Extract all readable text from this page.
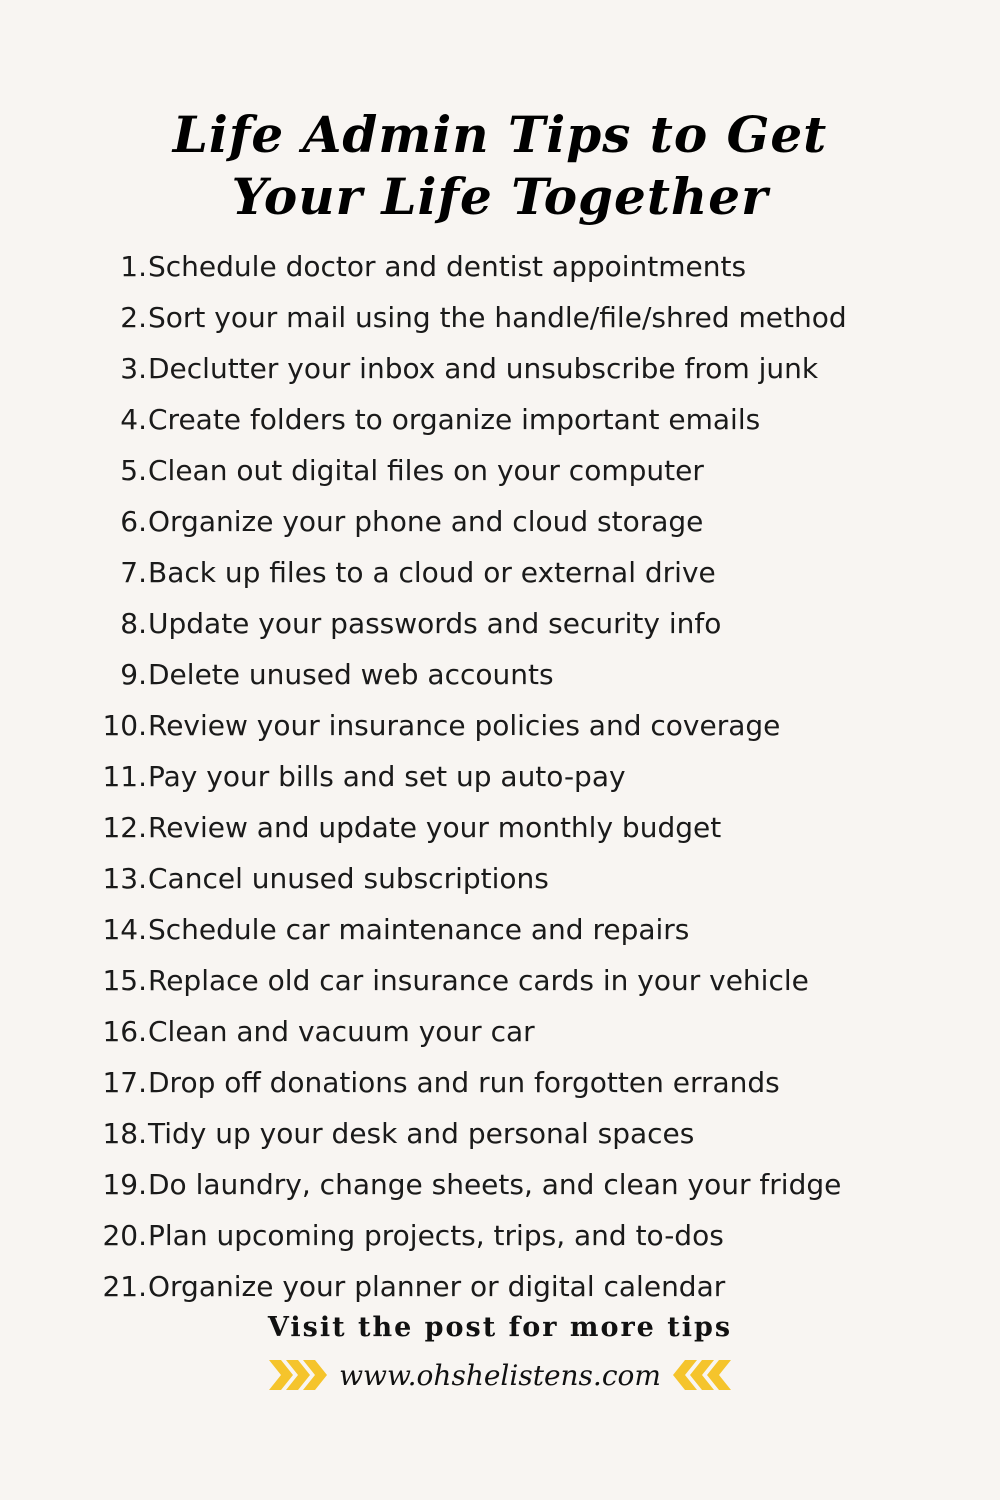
Life Admin Tips to Get
Your Life Together
1. Schedule doctor and dentist appointments
2. Sort your mail using the handle/file/shred method
3. Declutter your inbox and unsubscribe from junk
4. Create folders to organize important emails
5. Clean out digital files on your computer
6. Organize your phone and cloud storage
7. Back up files to a cloud or external drive
8. Update your passwords and security info
9. Delete unused web accounts
10. Review your insurance policies and coverage
11. Pay your bills and set up auto-pay
12. Review and update your monthly budget
13. Cancel unused subscriptions
14. Schedule car maintenance and repairs
15. Replace old car insurance cards in your vehicle
16. Clean and vacuum your car
17. Drop off donations and run forgotten errands
18. Tidy up your desk and personal spaces
19. Do laundry, change sheets, and clean your fridge
20. Plan upcoming projects, trips, and to-dos
21. Organize your planner or digital calendar
Visit the post for more tips
www.ohshelistens.com
